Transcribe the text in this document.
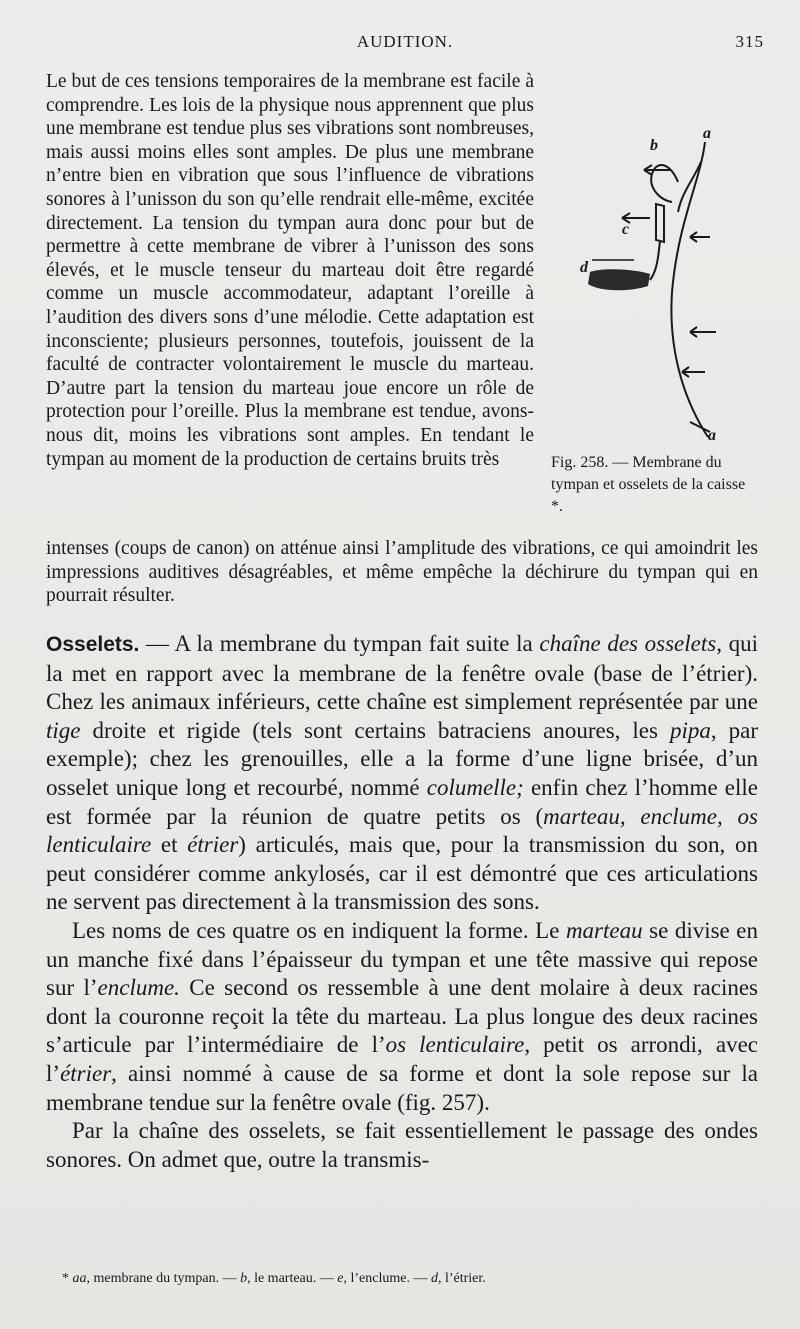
AUDITION.	315

Le but de ces tensions temporaires de la membrane est facile à comprendre. Les lois de la physique nous apprennent que plus une membrane est tendue plus ses vibrations sont nombreuses, mais aussi moins elles sont amples. De plus une membrane n’entre bien en vibration que sous l’influence de vibrations sonores à l’unisson du son qu’elle rendrait elle-même, excitée directement. La tension du tympan aura donc pour but de permettre à cette membrane de vibrer à l’unisson des sons élevés, et le muscle tenseur du marteau doit être regardé comme un muscle accommodateur, adaptant l’oreille à l’audition des divers sons d’une mélodie. Cette adaptation est inconsciente; plusieurs personnes, toutefois, jouissent de la faculté de contracter volontairement le muscle du marteau. D’autre part la tension du marteau joue encore un rôle de protection pour l’oreille. Plus la membrane est tendue, avons-nous dit, moins les vibrations sont amples. En tendant le tympan au moment de la production de certains bruits très

a
b
c
d
a
Fig. 258. — Membrane du tympan et osselets de la caisse *.

intenses (coups de canon) on atténue ainsi l’amplitude des vibrations, ce qui amoindrit les impressions auditives désagréables, et même empêche la déchirure du tympan qui en pourrait résulter.

Osselets. — A la membrane du tympan fait suite la chaîne des osselets, qui la met en rapport avec la membrane de la fenêtre ovale (base de l’étrier). Chez les animaux inférieurs, cette chaîne est simplement représentée par une tige droite et rigide (tels sont certains batraciens anoures, les pipa, par exemple); chez les grenouilles, elle a la forme d’une ligne brisée, d’un osselet unique long et recourbé, nommé columelle; enfin chez l’homme elle est formée par la réunion de quatre petits os (marteau, enclume, os lenticulaire et étrier) articulés, mais que, pour la transmission du son, on peut considérer comme ankylosés, car il est démontré que ces articulations ne servent pas directement à la transmission des sons.

Les noms de ces quatre os en indiquent la forme. Le marteau se divise en un manche fixé dans l’épaisseur du tympan et une tête massive qui repose sur l’enclume. Ce second os ressemble à une dent molaire à deux racines dont la couronne reçoit la tête du marteau. La plus longue des deux racines s’articule par l’intermédiaire de l’os lenticulaire, petit os arrondi, avec l’étrier, ainsi nommé à cause de sa forme et dont la sole repose sur la membrane tendue sur la fenêtre ovale (fig. 257).

Par la chaîne des osselets, se fait essentiellement le passage des ondes sonores. On admet que, outre la transmis-

* aa, membrane du tympan. — b, le marteau. — e, l’enclume. — d, l’étrier.
